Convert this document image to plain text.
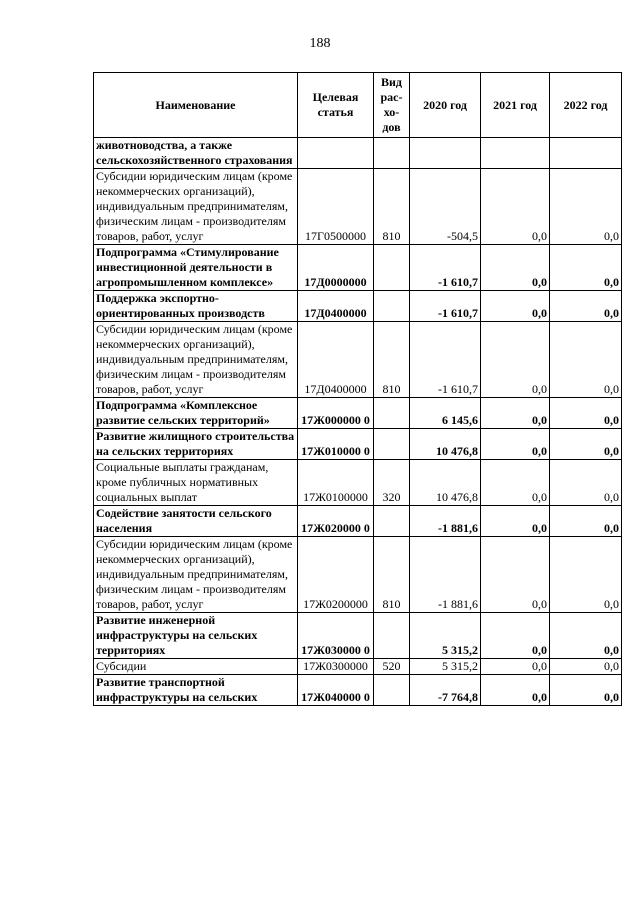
188
Наименование	Целевая статья	Вид рас-хо-дов	2020 год	2021 год	2022 год
животноводства, а также сельскохозяйственного страхования					
Субсидии юридическим лицам (кроме некоммерческих организаций), индивидуальным предпринимателям, физическим лицам - производителям товаров, работ, услуг	17Г0500000	810	-504,5	0,0	0,0
Подпрограмма «Стимулирование инвестиционной деятельности в агропромышленном комплексе»	17Д0000000		-1 610,7	0,0	0,0
Поддержка экспортно-ориентированных производств	17Д0400000		-1 610,7	0,0	0,0
Субсидии юридическим лицам (кроме некоммерческих организаций), индивидуальным предпринимателям, физическим лицам - производителям товаров, работ, услуг	17Д0400000	810	-1 610,7	0,0	0,0
Подпрограмма «Комплексное развитие сельских территорий»	17Ж000000 0		6 145,6	0,0	0,0
Развитие жилищного строительства на сельских территориях	17Ж010000 0		10 476,8	0,0	0,0
Социальные выплаты гражданам, кроме публичных нормативных социальных выплат	17Ж0100000	320	10 476,8	0,0	0,0
Содействие занятости сельского населения	17Ж020000 0		-1 881,6	0,0	0,0
Субсидии юридическим лицам (кроме некоммерческих организаций), индивидуальным предпринимателям, физическим лицам - производителям товаров, работ, услуг	17Ж0200000	810	-1 881,6	0,0	0,0
Развитие инженерной инфраструктуры на сельских территориях	17Ж030000 0		5 315,2	0,0	0,0
Субсидии	17Ж0300000	520	5 315,2	0,0	0,0
Развитие транспортной инфраструктуры на сельских	17Ж040000 0		-7 764,8	0,0	0,0
